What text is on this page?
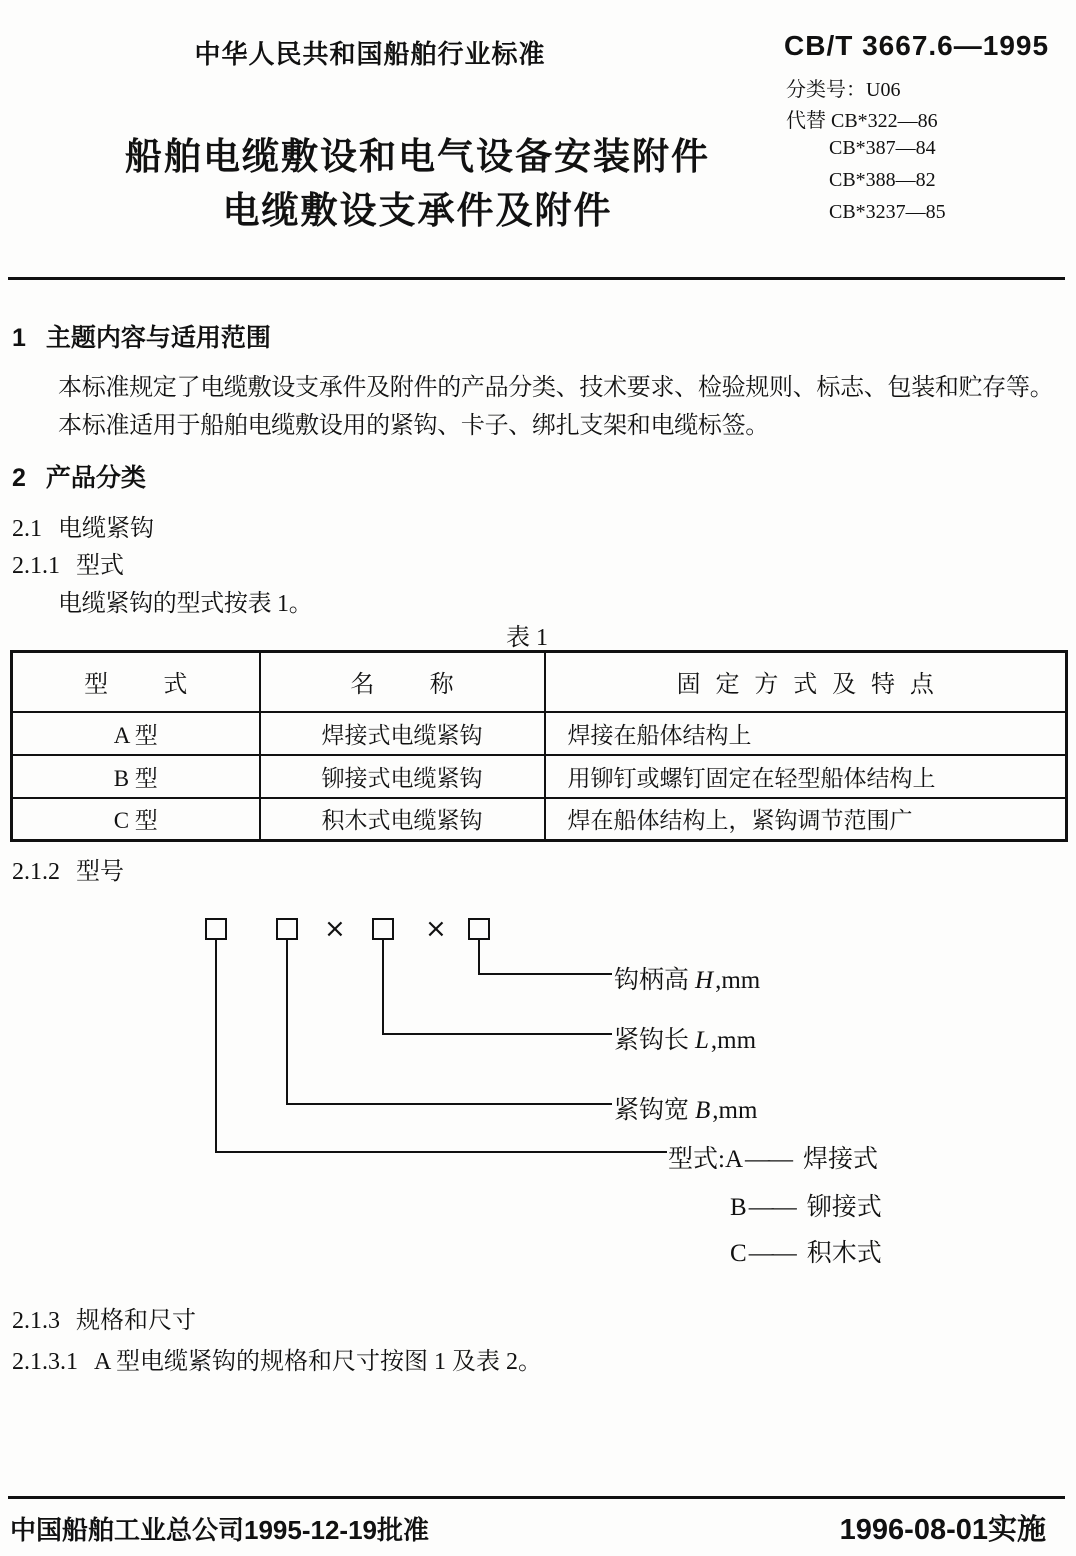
中华人民共和国船舶行业标准
船舶电缆敷设和电气设备安装附件
电缆敷设支承件及附件
CB/T 3667.6—1995
分类号：U06
代替 CB*322—86
CB*387—84
CB*388—82
CB*3237—85
1 主题内容与适用范围
本标准规定了电缆敷设支承件及附件的产品分类、技术要求、检验规则、标志、包装和贮存等。
本标准适用于船舶电缆敷设用的紧钩、卡子、绑扎支架和电缆标签。
2 产品分类
2.1 电缆紧钩
2.1.1 型式
电缆紧钩的型式按表 1。
表 1
型式	名称	固定方式及特点
A 型	焊接式电缆紧钩	焊接在船体结构上
B 型	铆接式电缆紧钩	用铆钉或螺钉固定在轻型船体结构上
C 型	积木式电缆紧钩	焊在船体结构上，紧钩调节范围广
2.1.2 型号
×	×
钩柄高 H,mm
紧钩长 L,mm
紧钩宽 B,mm
型式:A—— 焊接式
B—— 铆接式
C—— 积木式
2.1.3 规格和尺寸
2.1.3.1 A 型电缆紧钩的规格和尺寸按图 1 及表 2。
中国船舶工业总公司1995-12-19批准	1996-08-01实施
